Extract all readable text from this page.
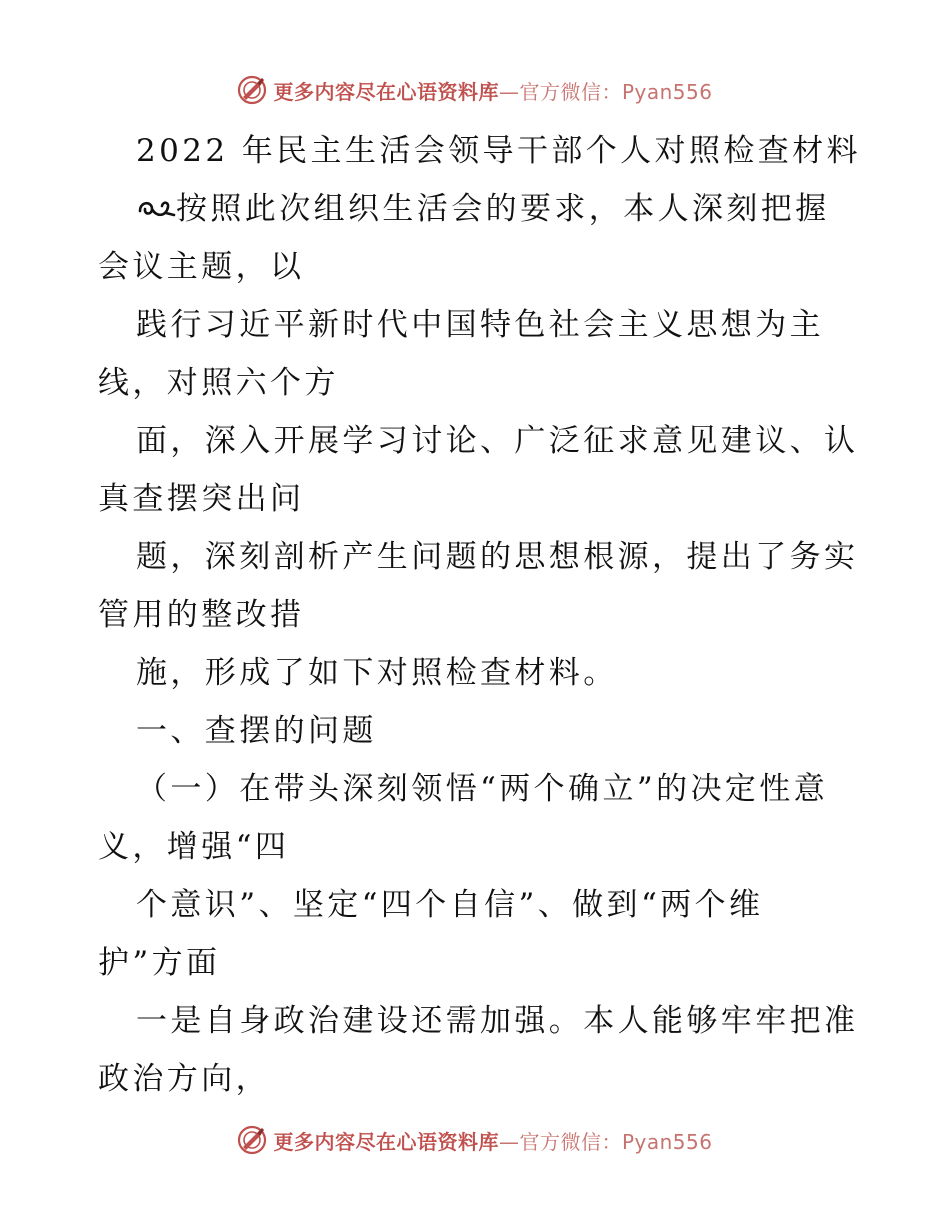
更多内容尽在心语资料库—官方微信：Pyan556
2022 年民主生活会领导干部个人对照检查材料
按照此次组织生活会的要求，本人深刻把握
会议主题，以
践行习近平新时代中国特色社会主义思想为主
线，对照六个方
面，深入开展学习讨论、广泛征求意见建议、认
真查摆突出问
题，深刻剖析产生问题的思想根源，提出了务实
管用的整改措
施，形成了如下对照检查材料。
一、查摆的问题
（一）在带头深刻领悟“两个确立”的决定性意
义，增强“四
个意识”、坚定“四个自信”、做到“两个维
护”方面
一是自身政治建设还需加强。本人能够牢牢把准
政治方向，
更多内容尽在心语资料库—官方微信：Pyan556
